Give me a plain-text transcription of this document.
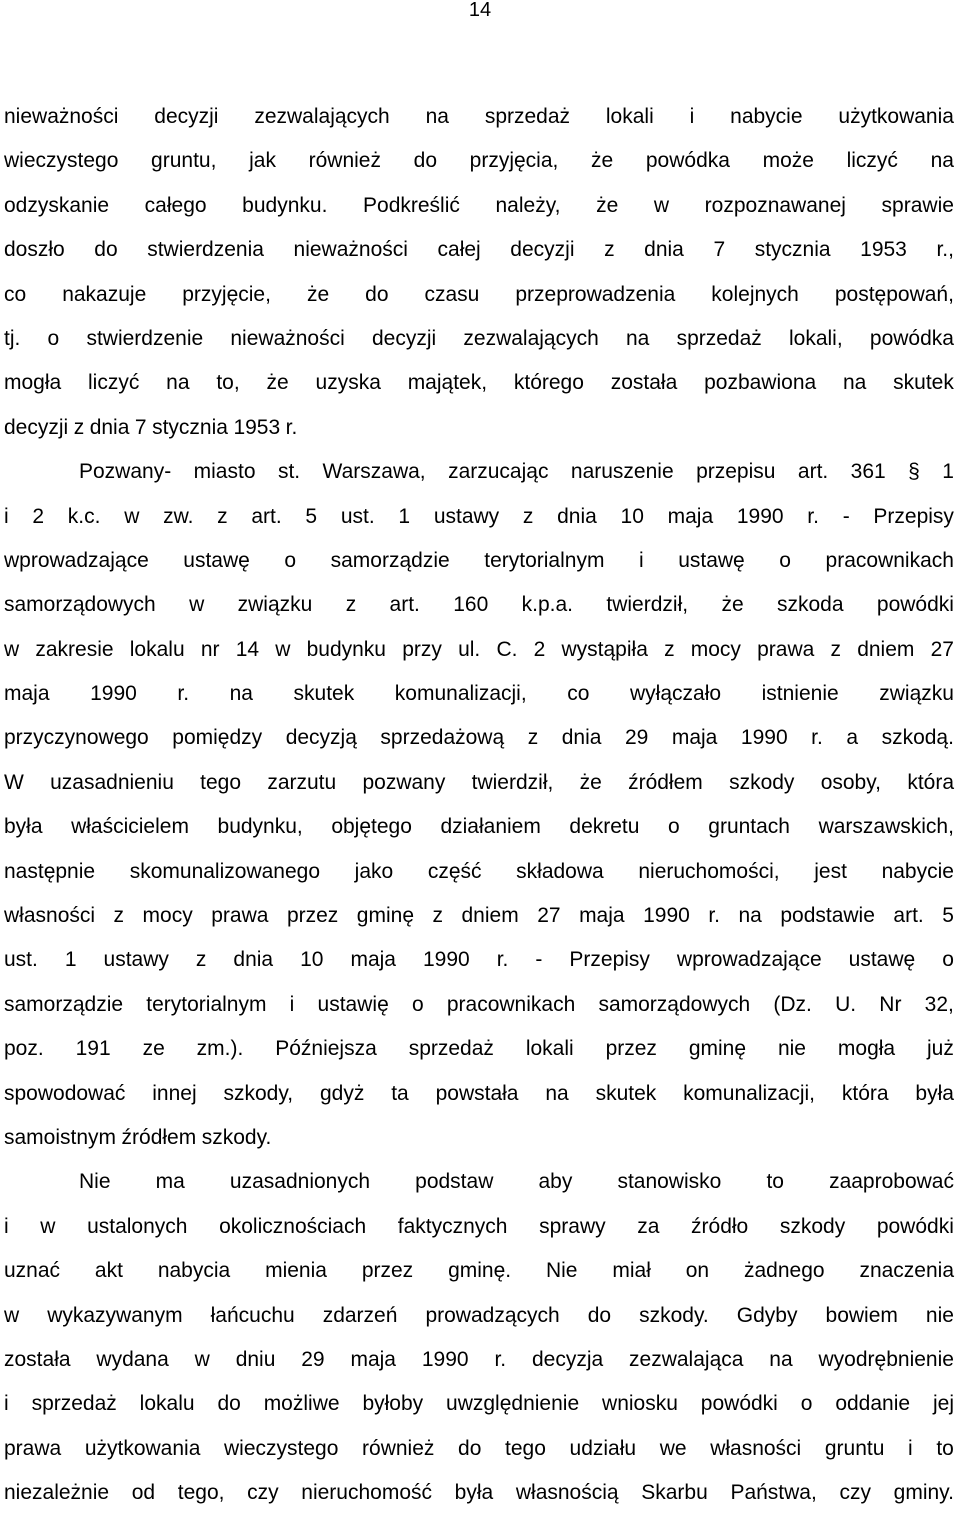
14
nieważności decyzji zezwalających na sprzedaż lokali i nabycie użytkowania
wieczystego gruntu, jak również do przyjęcia, że powódka może liczyć na
odzyskanie całego budynku. Podkreślić należy, że w rozpoznawanej sprawie
doszło do stwierdzenia nieważności całej decyzji z dnia 7 stycznia 1953 r.,
co nakazuje przyjęcie, że do czasu przeprowadzenia kolejnych postępowań,
tj. o stwierdzenie nieważności decyzji zezwalających na sprzedaż lokali, powódka
mogła liczyć na to, że uzyska majątek, którego została pozbawiona na skutek
decyzji z dnia 7 stycznia 1953 r.
Pozwany- miasto st. Warszawa, zarzucając naruszenie przepisu art. 361 § 1
i 2 k.c. w zw. z art. 5 ust. 1 ustawy z dnia 10 maja 1990 r. - Przepisy
wprowadzające ustawę o samorządzie terytorialnym i ustawę o pracownikach
samorządowych w związku z art. 160 k.p.a. twierdził, że szkoda powódki
w zakresie lokalu nr 14 w budynku przy ul. C. 2 wystąpiła z mocy prawa z dniem 27
maja 1990 r. na skutek komunalizacji, co wyłączało istnienie związku
przyczynowego pomiędzy decyzją sprzedażową z dnia 29 maja 1990 r. a szkodą.
W uzasadnieniu tego zarzutu pozwany twierdził, że źródłem szkody osoby, która
była właścicielem budynku, objętego działaniem dekretu o gruntach warszawskich,
następnie skomunalizowanego jako część składowa nieruchomości, jest nabycie
własności z mocy prawa przez gminę z dniem 27 maja 1990 r. na podstawie art. 5
ust. 1 ustawy z dnia 10 maja 1990 r. - Przepisy wprowadzające ustawę o
samorządzie terytorialnym i ustawię o pracownikach samorządowych (Dz. U. Nr 32,
poz. 191 ze zm.). Późniejsza sprzedaż lokali przez gminę nie mogła już
spowodować innej szkody, gdyż ta powstała na skutek komunalizacji, która była
samoistnym źródłem szkody.
Nie ma uzasadnionych podstaw aby stanowisko to zaaprobować
i w ustalonych okolicznościach faktycznych sprawy za źródło szkody powódki
uznać akt nabycia mienia przez gminę. Nie miał on żadnego znaczenia
w wykazywanym łańcuchu zdarzeń prowadzących do szkody. Gdyby bowiem nie
została wydana w dniu 29 maja 1990 r. decyzja zezwalająca na wyodrębnienie
i sprzedaż lokalu do możliwe byłoby uwzględnienie wniosku powódki o oddanie jej
prawa użytkowania wieczystego również do tego udziału we własności gruntu i to
niezależnie od tego, czy nieruchomość była własnością Skarbu Państwa, czy gminy.
